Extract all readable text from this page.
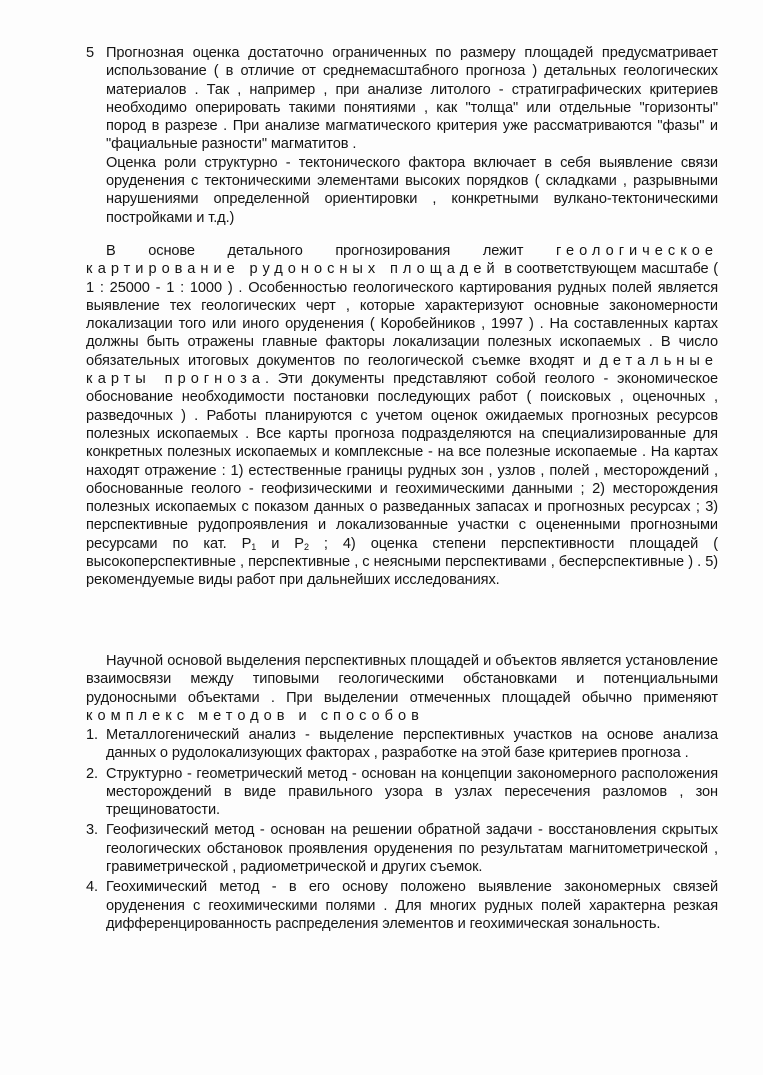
5 Прогнозная оценка достаточно ограниченных по размеру площадей предусматривает использование ( в отличие от среднемасштабного прогноза ) детальных геологических материалов . Так , например , при анализе литолого - стратиграфических критериев необходимо оперировать такими понятиями , как "толща" или отдельные "горизонты" пород в разрезе . При анализе магматического критерия уже рассматриваются "фазы" и "фациальные разности" магматитов .

Оценка роли структурно - тектонического фактора включает в себя выявление связи оруденения с тектоническими элементами высоких порядков ( складками , разрывными нарушениями определенной ориентировки , конкретными вулкано-тектоническими постройками и т.д.)

В основе детального прогнозирования лежит геологическое картирование рудоносных площадей в соответствующем масштабе ( 1 : 25000 - 1 : 1000 ) . Особенностью геологического картирования рудных полей является выявление тех геологических черт , которые характеризуют основные закономерности локализации того или иного оруденения ( Коробейников , 1997 ) . На составленных картах должны быть отражены главные факторы локализации полезных ископаемых . В число обязательных итоговых документов по геологической съемке входят и детальные карты прогноза. Эти документы представляют собой геолого - экономическое обоснование необходимости постановки последующих работ ( поисковых , оценочных , разведочных ) . Работы планируются с учетом оценок ожидаемых прогнозных ресурсов полезных ископаемых . Все карты прогноза подразделяются на специализированные для конкретных полезных ископаемых и комплексные - на все полезные ископаемые . На картах находят отражение : 1) естественные границы рудных зон , узлов , полей , месторождений , обоснованные геолого - геофизическими и геохимическими данными ; 2) месторождения полезных ископаемых с показом данных о разведанных запасах и прогнозных ресурсах ; 3) перспективные рудопроявления и локализованные участки с оцененными прогнозными ресурсами по кат. $P_1$ и $P_2$ ; 4) оценка степени перспективности площадей ( высокоперспективные , перспективные , с неясными перспективами , бесперспективные ) . 5) рекомендуемые виды работ при дальнейших исследованиях.

Научной основой выделения перспективных площадей и объектов является установление взаимосвязи между типовыми геологическими обстановками и потенциальными рудоносными объектами . При выделении отмеченных площадей обычно применяют комплекс методов и способов

1. Металлогенический анализ - выделение перспективных участков на основе анализа данных о рудолокализующих факторах , разработке на этой базе критериев прогноза .

2. Структурно - геометрический метод - основан на концепции закономерного расположения месторождений в виде правильного узора в узлах пересечения разломов , зон трещиноватости.

3. Геофизический метод - основан на решении обратной задачи - восстановления скрытых геологических обстановок проявления оруденения по результатам магнитометрической , гравиметрической , радиометрической и других съемок.

4. Геохимический метод - в его основу положено выявление закономерных связей оруденения с геохимическими полями . Для многих рудных полей характерна резкая дифференцированность распределения элементов и геохимическая зональность.
